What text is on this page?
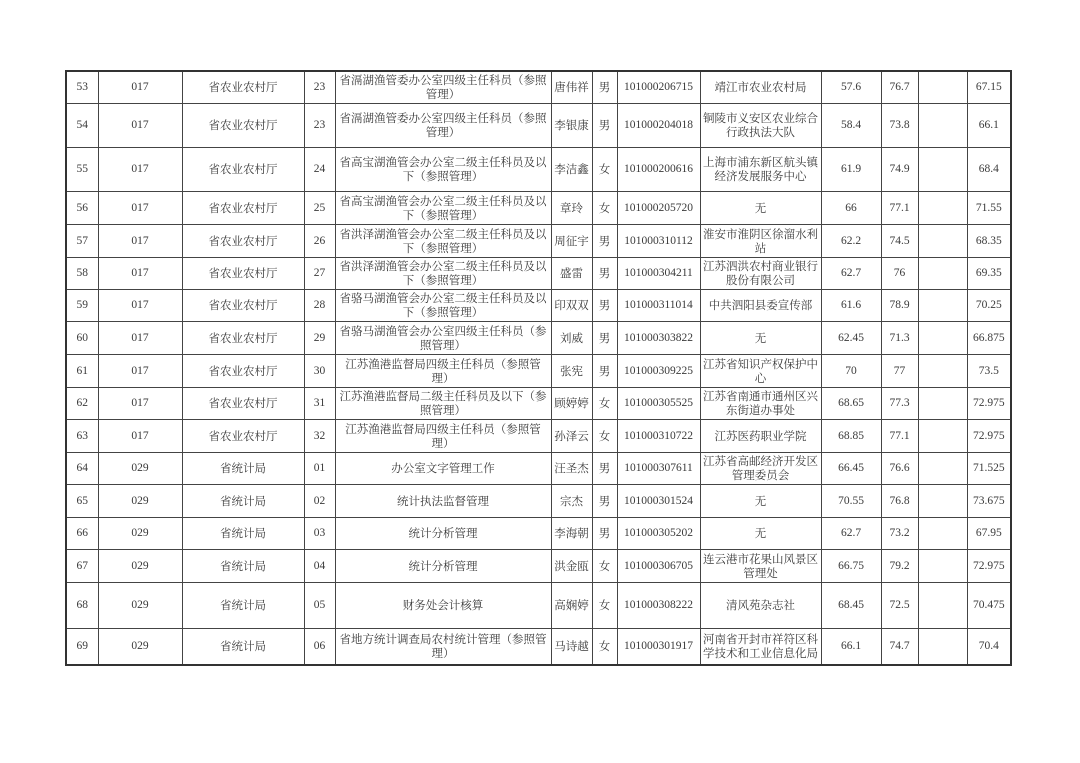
53	017	省农业农村厅	23	省滆湖渔管委办公室四级主任科员（参照管理）	唐伟祥	男	101000206715	靖江市农业农村局	57.6	76.7		67.15
54	017	省农业农村厅	23	省滆湖渔管委办公室四级主任科员（参照管理）	李银康	男	101000204018	铜陵市义安区农业综合行政执法大队	58.4	73.8		66.1
55	017	省农业农村厅	24	省高宝湖渔管会办公室二级主任科员及以下（参照管理）	李洁鑫	女	101000200616	上海市浦东新区航头镇经济发展服务中心	61.9	74.9		68.4
56	017	省农业农村厅	25	省高宝湖渔管会办公室二级主任科员及以下（参照管理）	章玲	女	101000205720	无	66	77.1		71.55
57	017	省农业农村厅	26	省洪泽湖渔管会办公室二级主任科员及以下（参照管理）	周征宇	男	101000310112	淮安市淮阴区徐溜水利站	62.2	74.5		68.35
58	017	省农业农村厅	27	省洪泽湖渔管会办公室二级主任科员及以下（参照管理）	盛雷	男	101000304211	江苏泗洪农村商业银行股份有限公司	62.7	76		69.35
59	017	省农业农村厅	28	省骆马湖渔管会办公室二级主任科员及以下（参照管理）	印双双	男	101000311014	中共泗阳县委宣传部	61.6	78.9		70.25
60	017	省农业农村厅	29	省骆马湖渔管会办公室四级主任科员（参照管理）	刘威	男	101000303822	无	62.45	71.3		66.875
61	017	省农业农村厅	30	江苏渔港监督局四级主任科员（参照管理）	张宪	男	101000309225	江苏省知识产权保护中心	70	77		73.5
62	017	省农业农村厅	31	江苏渔港监督局二级主任科员及以下（参照管理）	顾婷婷	女	101000305525	江苏省南通市通州区兴东街道办事处	68.65	77.3		72.975
63	017	省农业农村厅	32	江苏渔港监督局四级主任科员（参照管理）	孙泽云	女	101000310722	江苏医药职业学院	68.85	77.1		72.975
64	029	省统计局	01	办公室文字管理工作	汪圣杰	男	101000307611	江苏省高邮经济开发区管理委员会	66.45	76.6		71.525
65	029	省统计局	02	统计执法监督管理	宗杰	男	101000301524	无	70.55	76.8		73.675
66	029	省统计局	03	统计分析管理	李海朝	男	101000305202	无	62.7	73.2		67.95
67	029	省统计局	04	统计分析管理	洪金瓯	女	101000306705	连云港市花果山风景区管理处	66.75	79.2		72.975
68	029	省统计局	05	财务处会计核算	高娴婷	女	101000308222	清风苑杂志社	68.45	72.5		70.475
69	029	省统计局	06	省地方统计调查局农村统计管理（参照管理）	马诗越	女	101000301917	河南省开封市祥符区科学技术和工业信息化局	66.1	74.7		70.4
